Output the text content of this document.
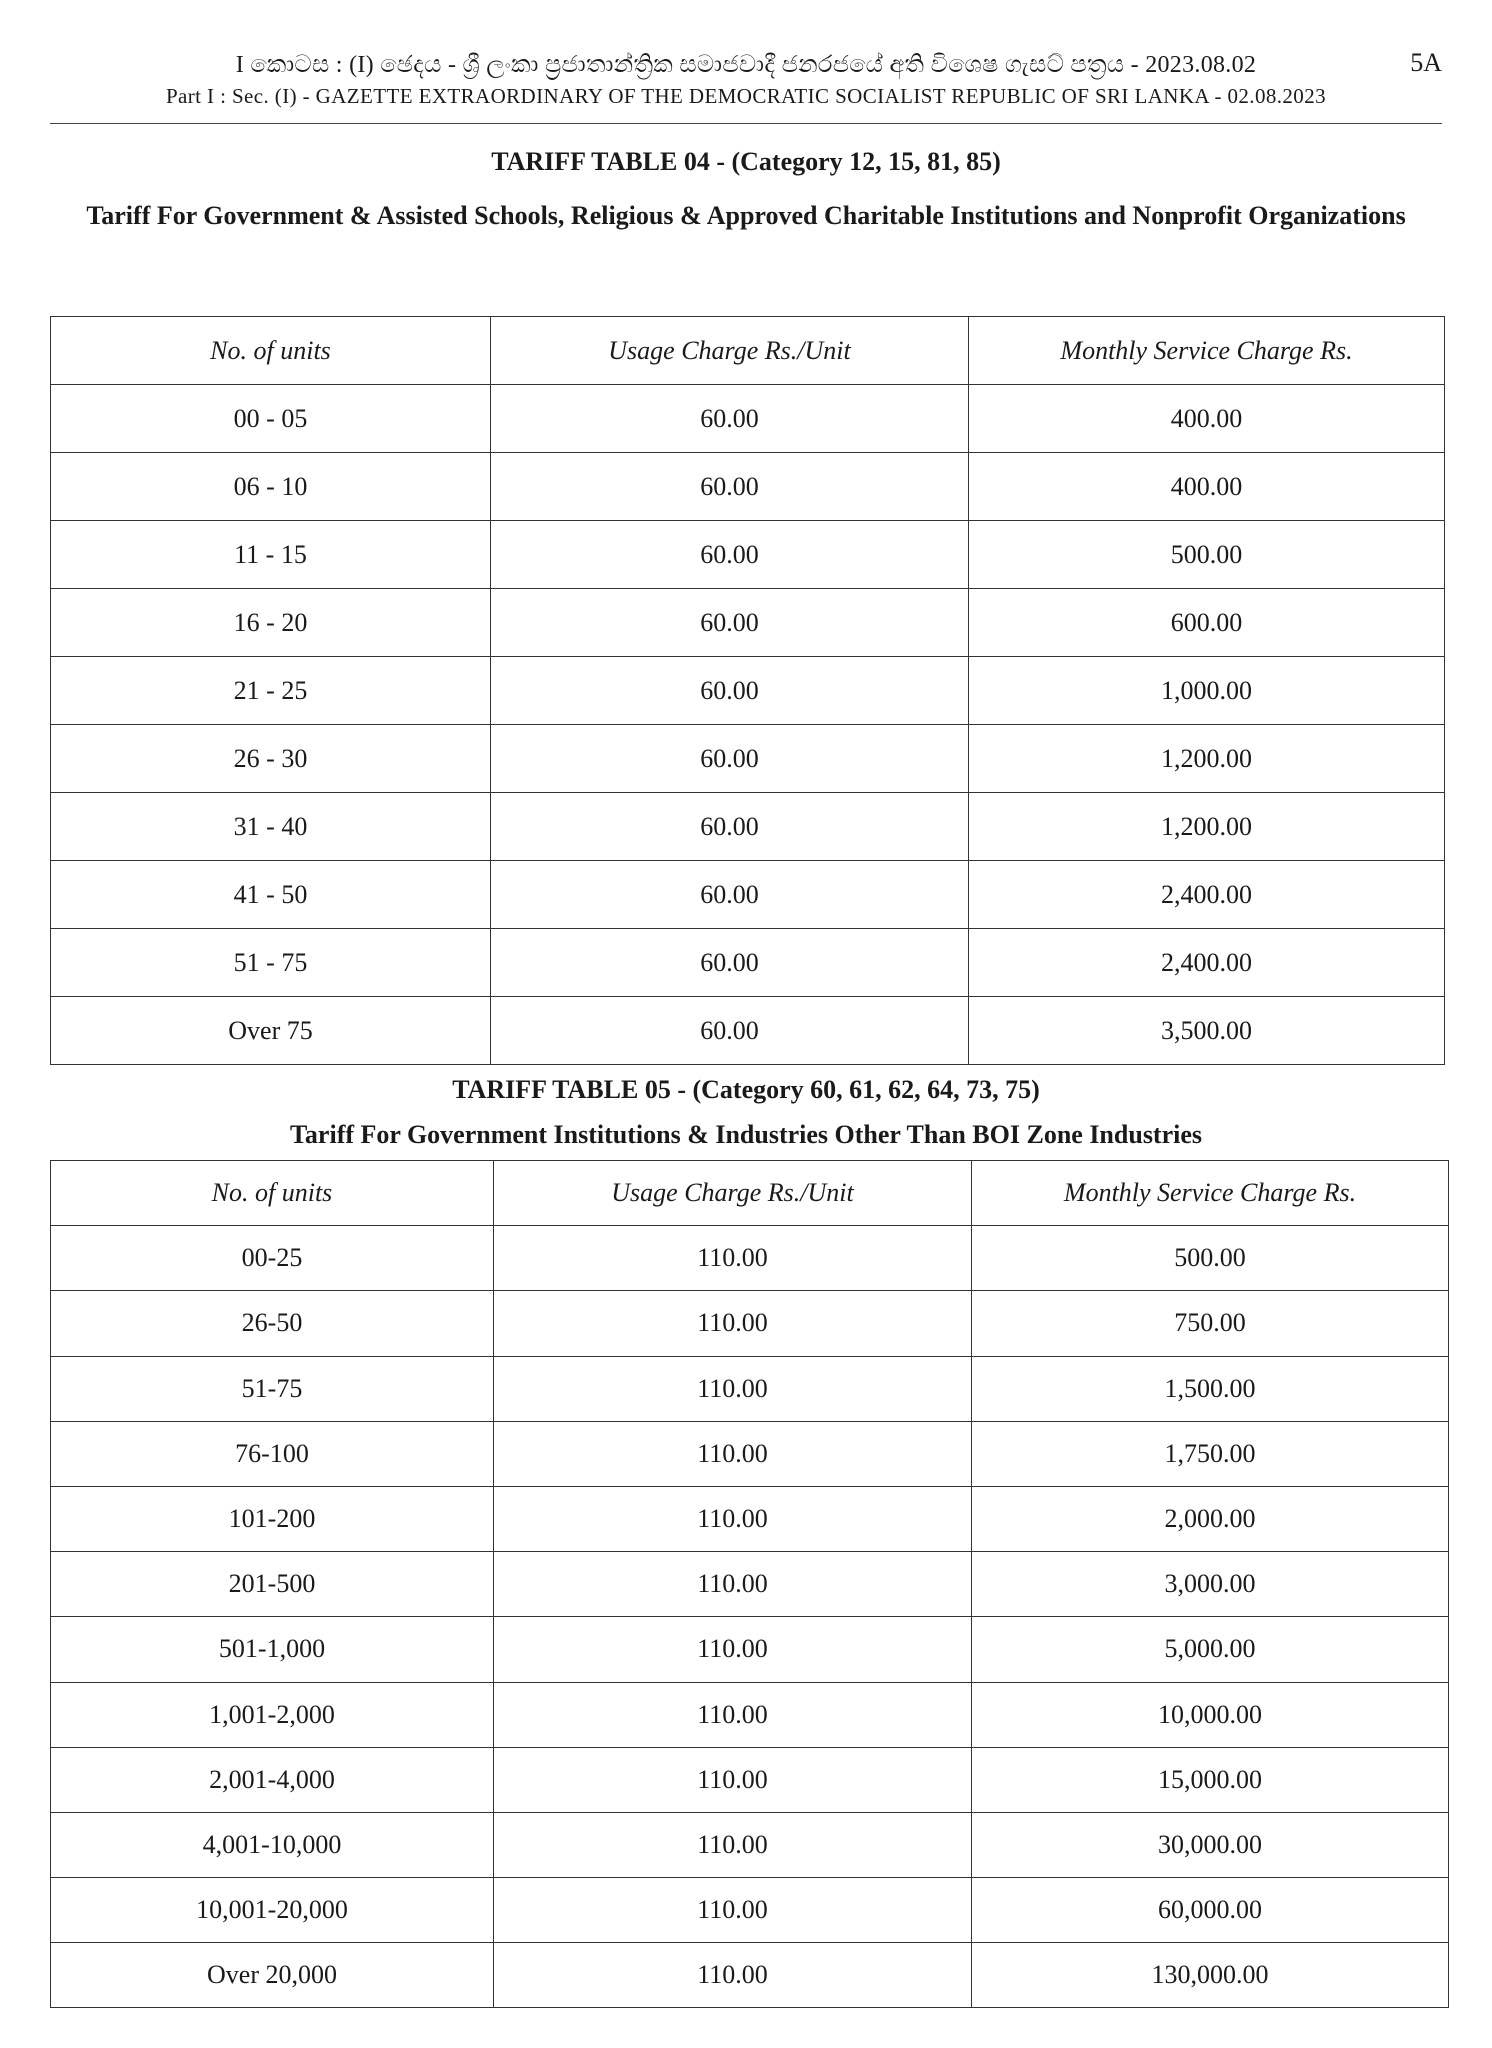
I කොටස : (I) ඡෙදය - ශ්‍රී ලංකා ප්‍රජාතාන්ත්‍රික සමාජවාදී ජනරජයේ අති විශෙෂ ගැසට් පත්‍රය - 2023.08.02
Part I : Sec. (I) - GAZETTE EXTRAORDINARY OF THE DEMOCRATIC SOCIALIST REPUBLIC OF SRI LANKA - 02.08.2023
5A
TARIFF TABLE 04 - (Category 12, 15, 81, 85)
Tariff For Government & Assisted Schools, Religious & Approved Charitable Institutions and Nonprofit Organizations
No. of units	Usage Charge Rs./Unit	Monthly Service Charge Rs.
00 - 05	60.00	400.00
06 - 10	60.00	400.00
11 - 15	60.00	500.00
16 - 20	60.00	600.00
21 - 25	60.00	1,000.00
26 - 30	60.00	1,200.00
31 - 40	60.00	1,200.00
41 - 50	60.00	2,400.00
51 - 75	60.00	2,400.00
Over 75	60.00	3,500.00
TARIFF TABLE 05 - (Category 60, 61, 62, 64, 73, 75)
Tariff For Government Institutions & Industries Other Than BOI Zone Industries
No. of units	Usage Charge Rs./Unit	Monthly Service Charge Rs.
00-25	110.00	500.00
26-50	110.00	750.00
51-75	110.00	1,500.00
76-100	110.00	1,750.00
101-200	110.00	2,000.00
201-500	110.00	3,000.00
501-1,000	110.00	5,000.00
1,001-2,000	110.00	10,000.00
2,001-4,000	110.00	15,000.00
4,001-10,000	110.00	30,000.00
10,001-20,000	110.00	60,000.00
Over 20,000	110.00	130,000.00
